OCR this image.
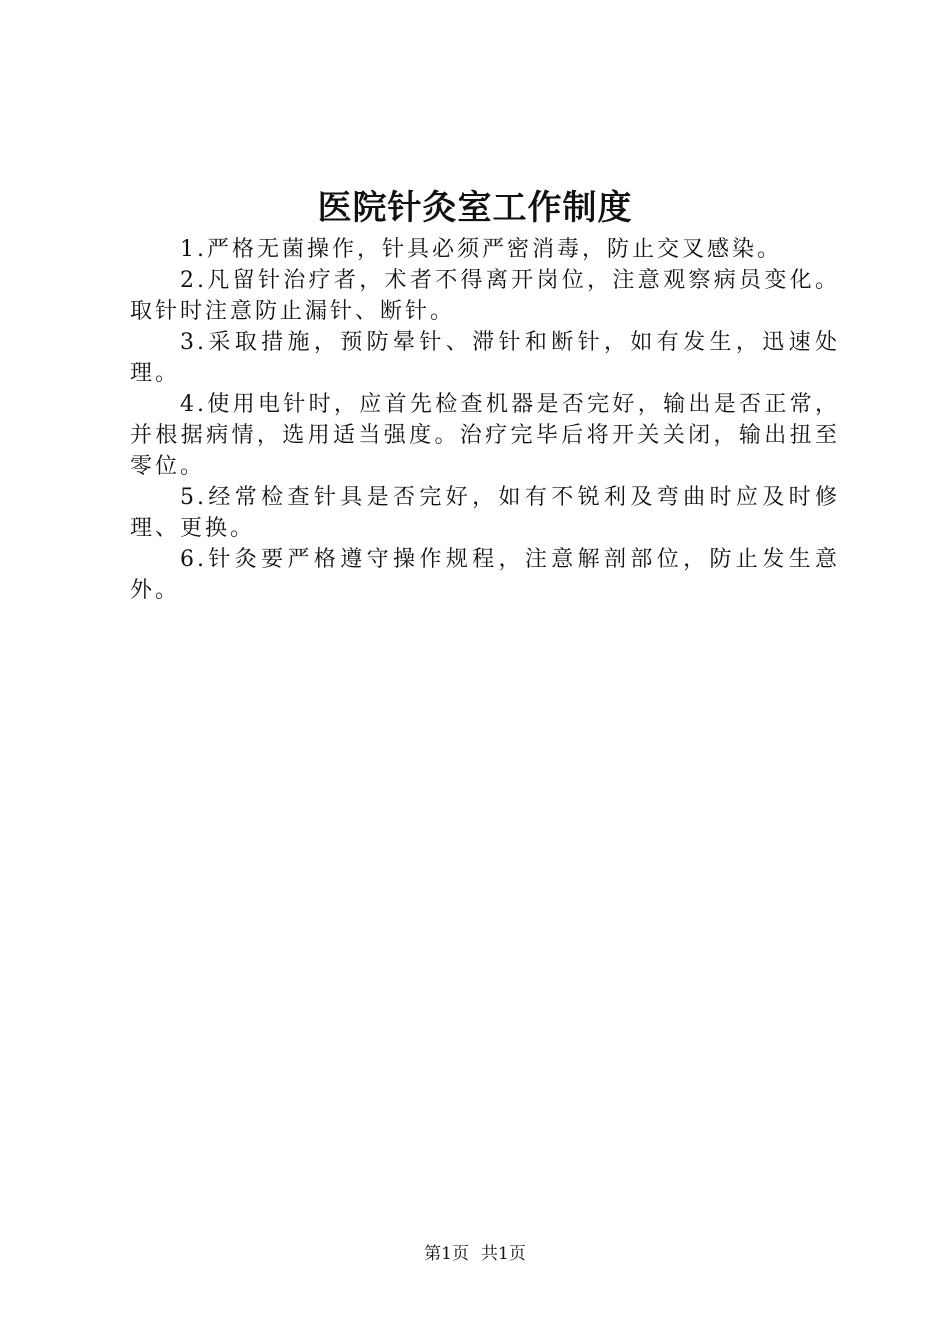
医院针灸室工作制度

1.严格无菌操作，针具必须严密消毒，防止交叉感染。

2.凡留针治疗者，术者不得离开岗位，注意观察病员变化。取针时注意防止漏针、断针。

3.采取措施，预防晕针、滞针和断针，如有发生，迅速处理。

4.使用电针时，应首先检查机器是否完好，输出是否正常，并根据病情，选用适当强度。治疗完毕后将开关关闭，输出扭至零位。

5.经常检查针具是否完好，如有不锐利及弯曲时应及时修理、更换。

6.针灸要严格遵守操作规程，注意解剖部位，防止发生意外。

第1页 共1页
